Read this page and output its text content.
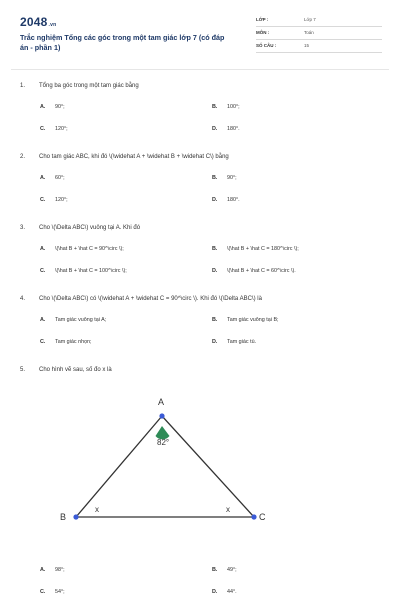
2048.vn
Trắc nghiệm Tổng các góc trong một tam giác lớp 7 (có đáp án - phần 1)
LỚP :	Lớp 7
MÔN :	Toán
SỐ CÂU :	15
1. Tổng ba góc trong một tam giác bằng
A. 90°;	B. 100°;
C. 120°;	D. 180°.
2. Cho tam giác ABC, khi đó \(\widehat A + \widehat B + \widehat C\) bằng
A. 60°;	B. 90°;
C. 120°;	D. 180°.
3. Cho \(\Delta ABC\) vuông tại A. Khi đó
A. \(\hat B + \hat C = 90^\circ \);	B. \(\hat B + \hat C = 180^\circ \);
C. \(\hat B + \hat C = 100^\circ \);	D. \(\hat B + \hat C = 60^\circ \).
4. Cho \(\Delta ABC\) có \(\widehat A + \widehat C = 90^\circ \). Khi đó \(\Delta ABC\) là
A. Tam giác vuông tại A;	B. Tam giác vuông tại B;
C. Tam giác nhọn;	D. Tam giác tù.
5. Cho hình vẽ sau, số đo x là
A
B	C
82°
x	x
A. 98°;	B. 49°;
C. 54°;	D. 44°.
